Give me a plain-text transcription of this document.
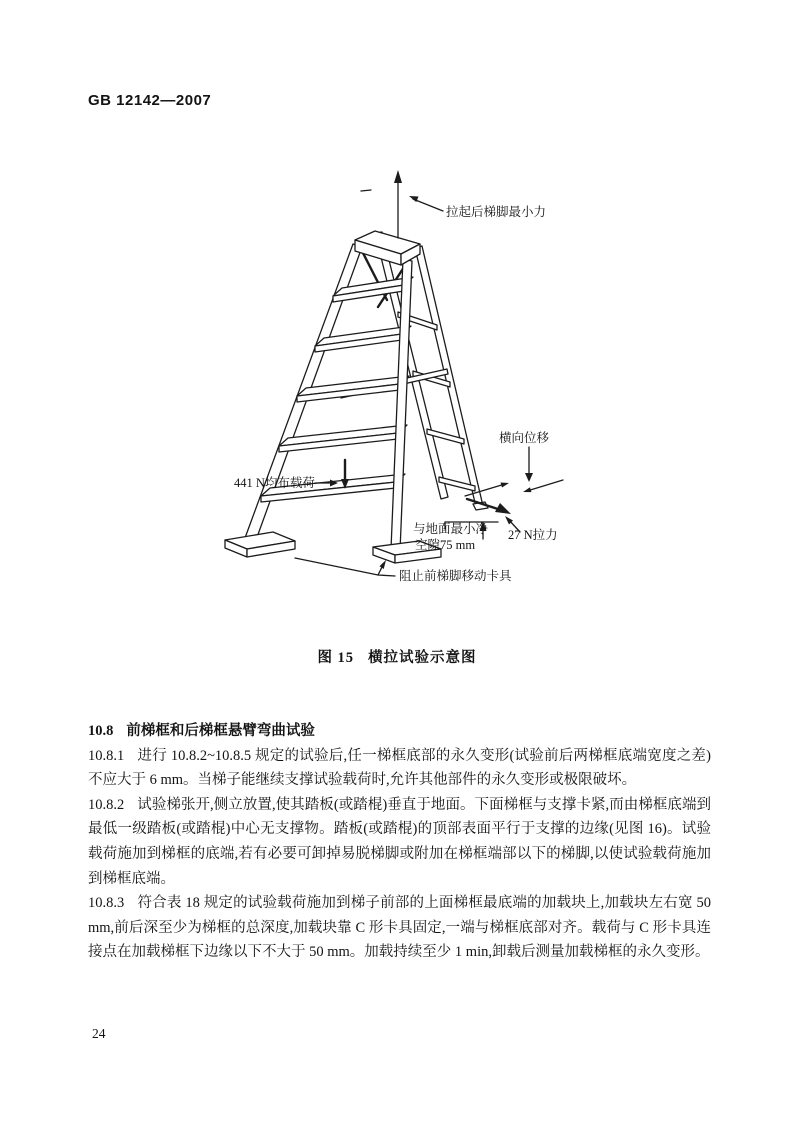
GB 12142—2007
拉起后梯脚最小力
441 N均布载荷
横向位移
与地面最小净
空隙75 mm
27 N拉力
阻止前梯脚移动卡具
图 15 横拉试验示意图
10.8 前梯框和后梯框悬臂弯曲试验
10.8.1 进行 10.8.2~10.8.5 规定的试验后,任一梯框底部的永久变形(试验前后两梯框底端宽度之差)不应大于 6 mm。当梯子能继续支撑试验载荷时,允许其他部件的永久变形或极限破坏。
10.8.2 试验梯张开,侧立放置,使其踏板(或踏棍)垂直于地面。下面梯框与支撑卡紧,而由梯框底端到最低一级踏板(或踏棍)中心无支撑物。踏板(或踏棍)的顶部表面平行于支撑的边缘(见图 16)。试验载荷施加到梯框的底端,若有必要可卸掉易脱梯脚或附加在梯框端部以下的梯脚,以使试验载荷施加到梯框底端。
10.8.3 符合表 18 规定的试验载荷施加到梯子前部的上面梯框最底端的加载块上,加载块左右宽 50 mm,前后深至少为梯框的总深度,加载块靠 C 形卡具固定,一端与梯框底部对齐。载荷与 C 形卡具连接点在加载梯框下边缘以下不大于 50 mm。加载持续至少 1 min,卸载后测量加载梯框的永久变形。
24
